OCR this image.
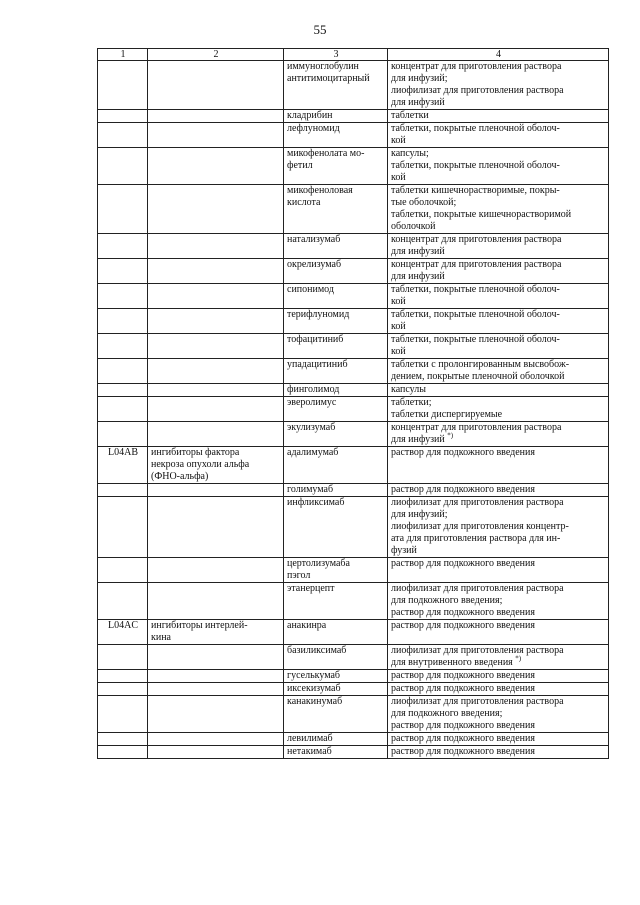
55
1	2	3	4

		иммуноглобулин
антитимоцитарный	концентрат для приготовления раствора
для инфузий;
лиофилизат для приготовления раствора
для инфузий

		кладрибин	таблетки

		лефлуномид	таблетки, покрытые пленочной оболоч-
кой

		микофенолата мо-
фетил	капсулы;
таблетки, покрытые пленочной оболоч-
кой

		микофеноловая
кислота	таблетки кишечнорастворимые, покры-
тые оболочкой;
таблетки, покрытые кишечнорастворимой
оболочкой

		натализумаб	концентрат для приготовления раствора
для инфузий

		окрелизумаб	концентрат для приготовления раствора
для инфузий

		сипонимод	таблетки, покрытые пленочной оболоч-
кой

		терифлуномид	таблетки, покрытые пленочной оболоч-
кой

		тофацитиниб	таблетки, покрытые пленочной оболоч-
кой

		упадацитиниб	таблетки с пролонгированным высвобож-
дением, покрытые пленочной оболочкой

		финголимод	капсулы

		эверолимус	таблетки;
таблетки диспергируемые

		экулизумаб	концентрат для приготовления раствора
для инфузий *)

L04AB	ингибиторы фактора
некроза опухоли альфа
(ФНО-альфа)	адалимумаб	раствор для подкожного введения

		голимумаб	раствор для подкожного введения

		инфликсимаб	лиофилизат для приготовления раствора
для инфузий;
лиофилизат для приготовления концентр-
ата для приготовления раствора для ин-
фузий

		цертолизумаба
пэгол	раствор для подкожного введения

		этанерцепт	лиофилизат для приготовления раствора
для подкожного введения;
раствор для подкожного введения

L04AC	ингибиторы интерлей-
кина	анакинра	раствор для подкожного введения

		базиликсимаб	лиофилизат для приготовления раствора
для внутривенного введения *)

		гуселькумаб	раствор для подкожного введения

		иксекизумаб	раствор для подкожного введения

		канакинумаб	лиофилизат для приготовления раствора
для подкожного введения;
раствор для подкожного введения

		левилимаб	раствор для подкожного введения

		нетакимаб	раствор для подкожного введения
